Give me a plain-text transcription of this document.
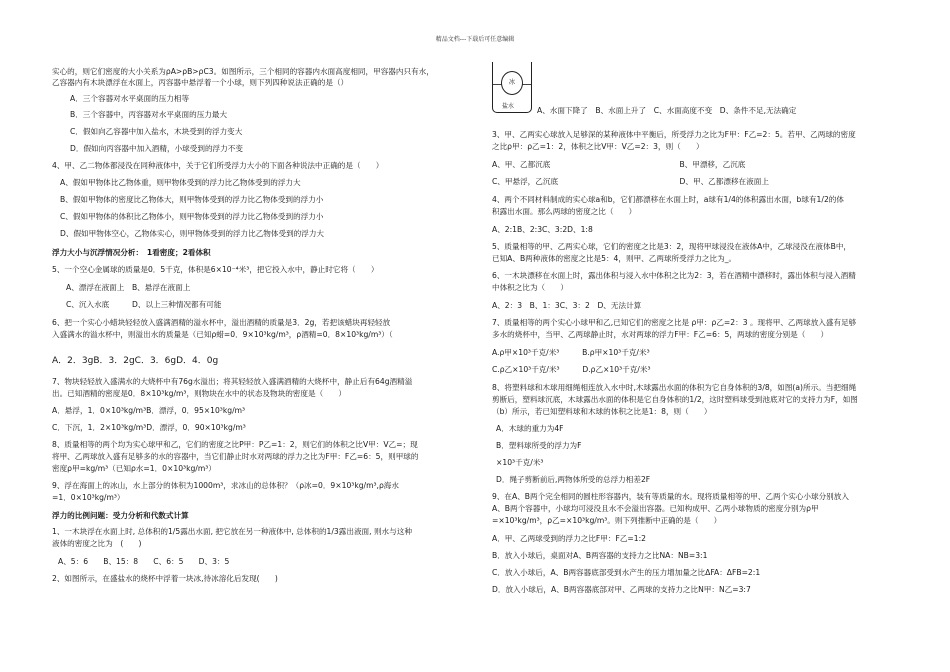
精品文档---下载后可任意编辑
实心的，则它们密度的大小关系为ρA>ρB>ρC3。如图所示，三个相同的容器内水面高度相同，甲容器内只有水，
乙容器内有木块漂浮在水面上，丙容器中悬浮着一个小球，则下列四种说法正确的是（）
A．三个容器对水平桌面的压力相等
B．三个容器中，丙容器对水平桌面的压力最大
C．假如向乙容器中加入盐水，木块受到的浮力变大
D．假如向丙容器中加入酒精，小球受到的浮力不变
4、甲、乙二物体都浸没在同种液体中，关于它们所受浮力大小的下面各种说法中正确的是（　　）
A、假如甲物体比乙物体重，则甲物体受到的浮力比乙物体受到的浮力大
B、假如甲物体的密度比乙物体大，则甲物体受到的浮力比乙物体受到的浮力小
C、假如甲物体的体积比乙物体小，则甲物体受到的浮力比乙物体受到的浮力小
D、假如甲物体空心，乙物体实心，则甲物体受到的浮力比乙物体受到的浮力大
浮力大小与沉浮情况分析：　1看密度；2看体积
5、一个空心金属球的质量是0．5千克，体积是6×10⁻⁴米³，把它投入水中，静止时它将（　　）
A、漂浮在液面上　B、悬浮在液面上
C、沉入水底　　　D、以上三种情况都有可能
6、把一个实心小蜡块轻轻放入盛满酒精的溢水杯中，溢出酒精的质量是3．2g，若把该蜡块再轻轻放
入盛满水的溢水杯中，则溢出水的质量是（已知ρ蜡=0．9×10³kg/m³，ρ酒精=0．8×10³kg/m³）（
A．2．3gB．3．2gC．3．6gD．4．0g
7、物块轻轻放入盛满水的大烧杯中有76g水溢出；将其轻轻放入盛满酒精的大烧杯中，静止后有64g酒精溢
出。已知酒精的密度是0．8×10³kg/m³，则物块在水中的状态及物块的密度是（　　）
A．悬浮，1．0×10³kg/m³B．漂浮，0．95×10³kg/m³
C．下沉，1．2×10³kg/m³D．漂浮，0．90×10³kg/m³
8、质量相等的两个均为实心球甲和乙，它们的密度之比P甲：P乙=1：2，则它们的体积之比V甲：V乙=；现
将甲、乙两球放入盛有足够多的水的容器中，当它们静止时水对两球的浮力之比为F甲：F乙=6：5，则甲球的
密度ρ甲=kg/m³（已知ρ水=1．0×10³kg/m³）
9、浮在海面上的冰山，水上部分的体积为1000m³，求冰山的总体积？（ρ冰=0．9×10³kg/m³,ρ海水
=1．0×10³kg/m³）
浮力的比例问题：受力分析和代数式计算
1、一木块浮在水面上时, 总体积的1/5露出水面, 把它放在另一种液体中, 总体积的1/3露出液面, 则水与这种
液体的密度之比为　(　　)
A、5：6　　B、15：8　　C、6：5　　D、3：5
2、如图所示，在盛盐水的烧杯中浮着一块冰,待冰溶化后发现(　　)
冰
盐水	A、水面下降了　B、水面上升了　C、水面高度不变　D、条件不足,无法确定
3、甲、乙两实心球放入足够深的某种液体中平衡后，所受浮力之比为F甲：F乙=2：5。若甲、乙两球的密度
之比ρ甲：ρ乙=1：2，体积之比V甲：V乙=2：3，则（　　）
A、甲、乙都沉底　　　　　　　　　　　　　　　　　B、甲漂移，乙沉底
C、甲悬浮，乙沉底　　　　　　　　　　　　　　　　D、甲、乙都漂移在液面上
4、两个不同材料制成的实心球a和b，它们都漂移在水面上时，a球有1/4的体积露出水面，b球有1/2的体
积露出水面。那么两球的密度之比（　　）
A、2:1B、2:3C、3:2D、1:8
5、质量相等的甲、乙两实心球，它们的密度之比是3：2，现将甲球浸没在液体A中，乙球浸没在液体B中，
已知A、B两种液体的密度之比是5：4，则甲、乙两球所受浮力之比为_。
6、一木块漂移在水面上时，露出体积与浸入水中体积之比为2：3，若在酒精中漂移时，露出体积与浸入酒精
中体积之比为（　　）
A、2：3　B、1：3C、3：2　D、无法计算
7、质量相等的两个实心小球甲和乙,已知它们的密度之比是 ρ甲：ρ乙=2：3 。现将甲、乙两球放入盛有足够
多水的烧杯中，当甲、乙两球静止时，水对两球的浮力F甲：F乙=6：5，两球的密度分别是（　　）
A.ρ甲×10³千克/米³　　　B.ρ甲×10³千克/米³
C.ρ乙×10³千克/米³　　　D.ρ乙×10³千克/米³
8、将塑料球和木球用细绳相连放入水中时,木球露出水面的体积为它自身体积的3/8，如图(a)所示。当把细绳
剪断后，塑料球沉底，木球露出水面的体积是它自身体积的1/2，这时塑料球受到池底对它的支持力为F，如图
（b）所示，若已知塑料球和木球的体积之比是1：8，则（　　）
A．木球的重力为4F
B．塑料球所受的浮力为F
×10³千克/米³
D．绳子剪断前后,两物体所受的总浮力相差2F
9、在A、B两个完全相同的圆柱形容器内，装有等质量的水。现将质量相等的甲、乙两个实心小球分别放入
A、B两个容器中，小球均可浸没且水不会溢出容器。已知构成甲、乙两小球物质的密度分别为ρ甲
=×10³kg/m³，ρ乙=×10³kg/m³。则下列推断中正确的是（　　）
A．甲、乙两球受到的浮力之比F甲：F乙=1:2
B．放入小球后，桌面对A、B两容器的支持力之比NA：NB=3:1
C．放入小球后，A、B两容器底部受到水产生的压力增加量之比ΔFA：ΔFB=2:1
D．放入小球后，A、B两容器底部对甲、乙两球的支持力之比N甲：N乙=3:7
